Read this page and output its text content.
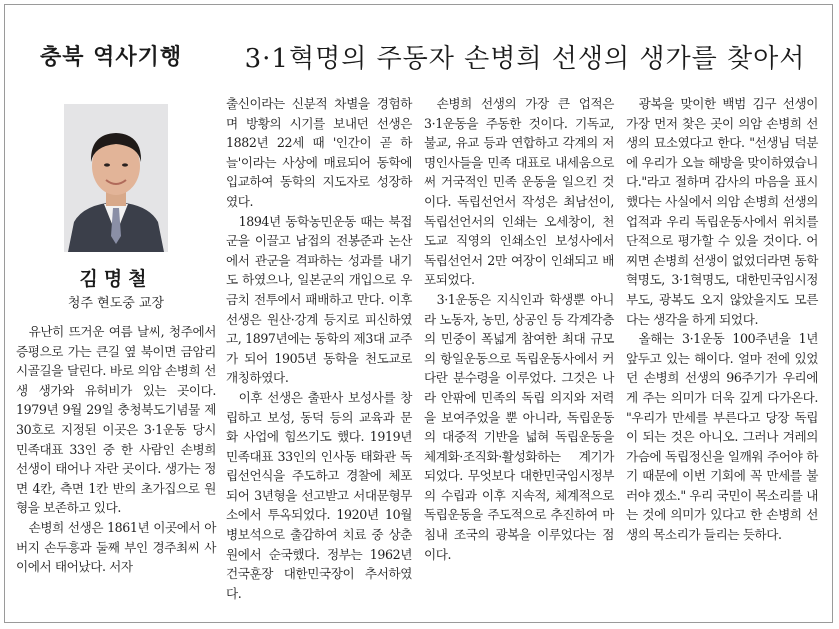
충북 역사기행	3·1혁명의 주동자 손병희 선생의 생가를 찾아서
김명철
청주 현도중 교장

유난히 뜨거운 여름 날씨, 청주에서 증평으로 가는 큰길 옆 북이면 금암리 시골길을 달린다. 바로 의암 손병희 선생 생가와 유허비가 있는 곳이다. 1979년 9월 29일 충청북도기념물 제30호로 지정된 이곳은 3·1운동 당시 민족대표 33인 중 한 사람인 손병희 선생이 태어나 자란 곳이다. 생가는 정면 4칸, 측면 1칸 반의 초가집으로 원형을 보존하고 있다.

손병희 선생은 1861년 이곳에서 아버지 손두흥과 둘째 부인 경주최씨 사이에서 태어났다. 서자

출신이라는 신분적 차별을 경험하며 방황의 시기를 보내던 선생은 1882년 22세 때 '인간이 곧 하늘'이라는 사상에 매료되어 동학에 입교하여 동학의 지도자로 성장하였다.

1894년 동학농민운동 때는 북접군을 이끌고 남접의 전봉준과 논산에서 관군을 격파하는 성과를 내기도 하였으나, 일본군의 개입으로 우금치 전투에서 패배하고 만다. 이후 선생은 원산·강계 등지로 피신하였고, 1897년에는 동학의 제3대 교주가 되어 1905년 동학을 천도교로 개칭하였다.

이후 선생은 출판사 보성사를 창립하고 보성, 동덕 등의 교육과 문화 사업에 힘쓰기도 했다. 1919년 민족대표 33인의 인사동 태화관 독립선언식을 주도하고 경찰에 체포되어 3년형을 선고받고 서대문형무소에서 투옥되었다. 1920년 10월 병보석으로 출감하여 치료 중 상춘원에서 순국했다. 정부는 1962년 건국훈장 대한민국장이 추서하였다.

손병희 선생의 가장 큰 업적은 3·1운동을 주동한 것이다. 기독교, 불교, 유교 등과 연합하고 각계의 저명인사들을 민족 대표로 내세움으로써 거국적인 민족 운동을 일으킨 것이다. 독립선언서 작성은 최남선이, 독립선언서의 인쇄는 오세창이, 천도교 직영의 인쇄소인 보성사에서 독립선언서 2만 여장이 인쇄되고 배포되었다.

3·1운동은 지식인과 학생뿐 아니라 노동자, 농민, 상공인 등 각계각층의 민중이 폭넓게 참여한 최대 규모의 항일운동으로 독립운동사에서 커다란 분수령을 이루었다. 그것은 나라 안팎에 민족의 독립 의지와 저력을 보여주었을 뿐 아니라, 독립운동의 대중적 기반을 넓혀 독립운동을 체계화·조직화·활성화하는 계기가 되었다. 무엇보다 대한민국임시정부의 수립과 이후 지속적, 체계적으로 독립운동을 주도적으로 추진하여 마침내 조국의 광복을 이루었다는 점이다.

광복을 맞이한 백범 김구 선생이 가장 먼저 찾은 곳이 의암 손병희 선생의 묘소였다고 한다. "선생님 덕분에 우리가 오늘 해방을 맞이하였습니다."라고 절하며 감사의 마음을 표시했다는 사실에서 의암 손병희 선생의 업적과 우리 독립운동사에서 위치를 단적으로 평가할 수 있을 것이다. 어찌면 손병희 선생이 없었더라면 동학 혁명도, 3·1혁명도, 대한민국임시정부도, 광복도 오지 않았을지도 모른다는 생각을 하게 되었다.

올해는 3·1운동 100주년을 1년 앞두고 있는 해이다. 얼마 전에 있었던 손병희 선생의 96주기가 우리에게 주는 의미가 더욱 깊게 다가온다. "우리가 만세를 부른다고 당장 독립이 되는 것은 아니오. 그러나 겨레의 가슴에 독립정신을 일깨워 주어야 하기 때문에 이번 기회에 꼭 만세를 불러야 겠소." 우리 국민이 목소리를 내는 것에 의미가 있다고 한 손병희 선생의 목소리가 들리는 듯하다.
